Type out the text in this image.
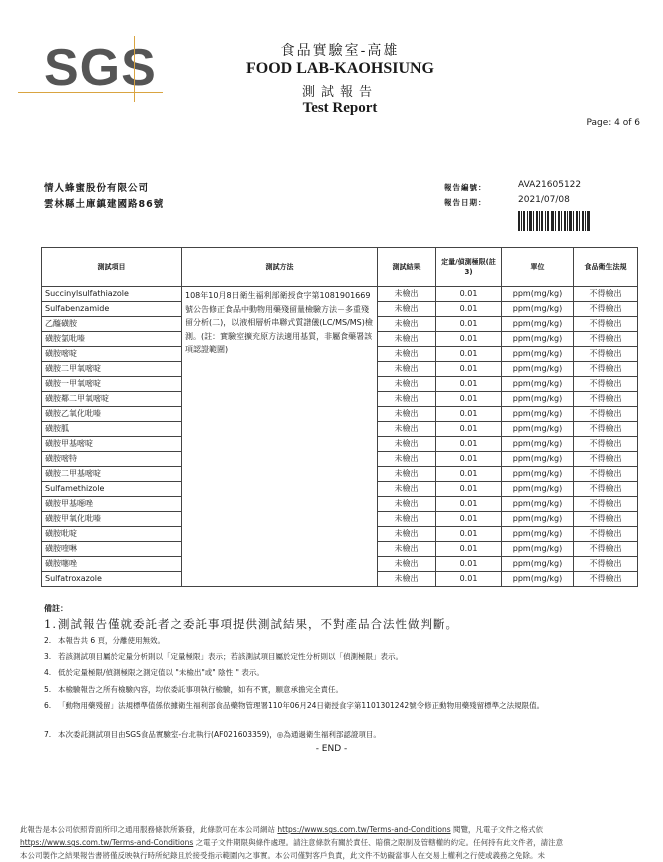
SGS	食品實驗室-高雄
FOOD LAB-KAOHSIUNG
測試報告
Test Report
Page: 4 of 6
情人蜂蜜股份有限公司
雲林縣土庫鎮建國路86號
報告編號：	AVA21605122
報告日期：	2021/07/08
測試項目	測試方法	測試結果	定量/偵測極限(註3)	單位	食品衛生法規
Succinylsulfathiazole	108年10月8日衛生福利部衛授食字第1081901669號公告修正食品中動物用藥殘留量檢驗方法－多重殘留分析(二)，以液相層析串聯式質譜儀(LC/MS/MS)檢測。(註：實驗室擴充原方法適用基質，非屬食藥署該項認證範圍)	未檢出	0.01	ppm(mg/kg)	不得檢出
Sulfabenzamide		未檢出	0.01	ppm(mg/kg)	不得檢出
乙醯磺胺		未檢出	0.01	ppm(mg/kg)	不得檢出
磺胺氯吡嗪		未檢出	0.01	ppm(mg/kg)	不得檢出
磺胺嘧啶		未檢出	0.01	ppm(mg/kg)	不得檢出
磺胺二甲氧嘧啶		未檢出	0.01	ppm(mg/kg)	不得檢出
磺胺一甲氧嘧啶		未檢出	0.01	ppm(mg/kg)	不得檢出
磺胺鄰二甲氧嘧啶		未檢出	0.01	ppm(mg/kg)	不得檢出
磺胺乙氧化吡嗪		未檢出	0.01	ppm(mg/kg)	不得檢出
磺胺胍		未檢出	0.01	ppm(mg/kg)	不得檢出
磺胺甲基嘧啶		未檢出	0.01	ppm(mg/kg)	不得檢出
磺胺嘧特		未檢出	0.01	ppm(mg/kg)	不得檢出
磺胺二甲基嘧啶		未檢出	0.01	ppm(mg/kg)	不得檢出
Sulfamethizole		未檢出	0.01	ppm(mg/kg)	不得檢出
磺胺甲基噁唑		未檢出	0.01	ppm(mg/kg)	不得檢出
磺胺甲氧化吡嗪		未檢出	0.01	ppm(mg/kg)	不得檢出
磺胺吡啶		未檢出	0.01	ppm(mg/kg)	不得檢出
磺胺喹啉		未檢出	0.01	ppm(mg/kg)	不得檢出
磺胺噻唑		未檢出	0.01	ppm(mg/kg)	不得檢出
Sulfatroxazole		未檢出	0.01	ppm(mg/kg)	不得檢出
備註：
1.測試報告僅就委託者之委託事項提供測試結果，不對產品合法性做判斷。
2. 本報告共 6 頁，分離使用無效。
3. 若該測試項目屬於定量分析則以「定量極限」表示；若該測試項目屬於定性分析則以「偵測極限」表示。
4. 低於定量極限/偵測極限之測定值以 "未檢出"或" 陰性 " 表示。
5. 本檢驗報告之所有檢驗內容，均依委託事項執行檢驗，如有不實，願意承擔完全責任。
6. 「動物用藥殘留」法規標準值係依據衛生福利部食品藥物管理署110年06月24日衛授食字第1101301242號令修正動物用藥殘留標準之法規限值。
7. 本次委託測試項目由SGS食品實驗室-台北執行(AF021603359)，◎為通過衛生福利部認證項目。
- END -
此報告是本公司依照背面所印之通用服務條款所簽發，此條款可在本公司網站 https://www.sgs.com.tw/Terms-and-Conditions 閱覽，凡電子文件之格式依
https://www.sgs.com.tw/Terms-and-Conditions 之電子文件期限與條件處理。請注意條款有關於責任、賠償之限制及管轄權的約定。任何持有此文件者，請注意
本公司製作之結果報告書將僅反映執行時所紀錄且於接受指示範圍內之事實。本公司僅對客戶負責，此文件不妨礙當事人在交易上權利之行使或義務之免除。未
